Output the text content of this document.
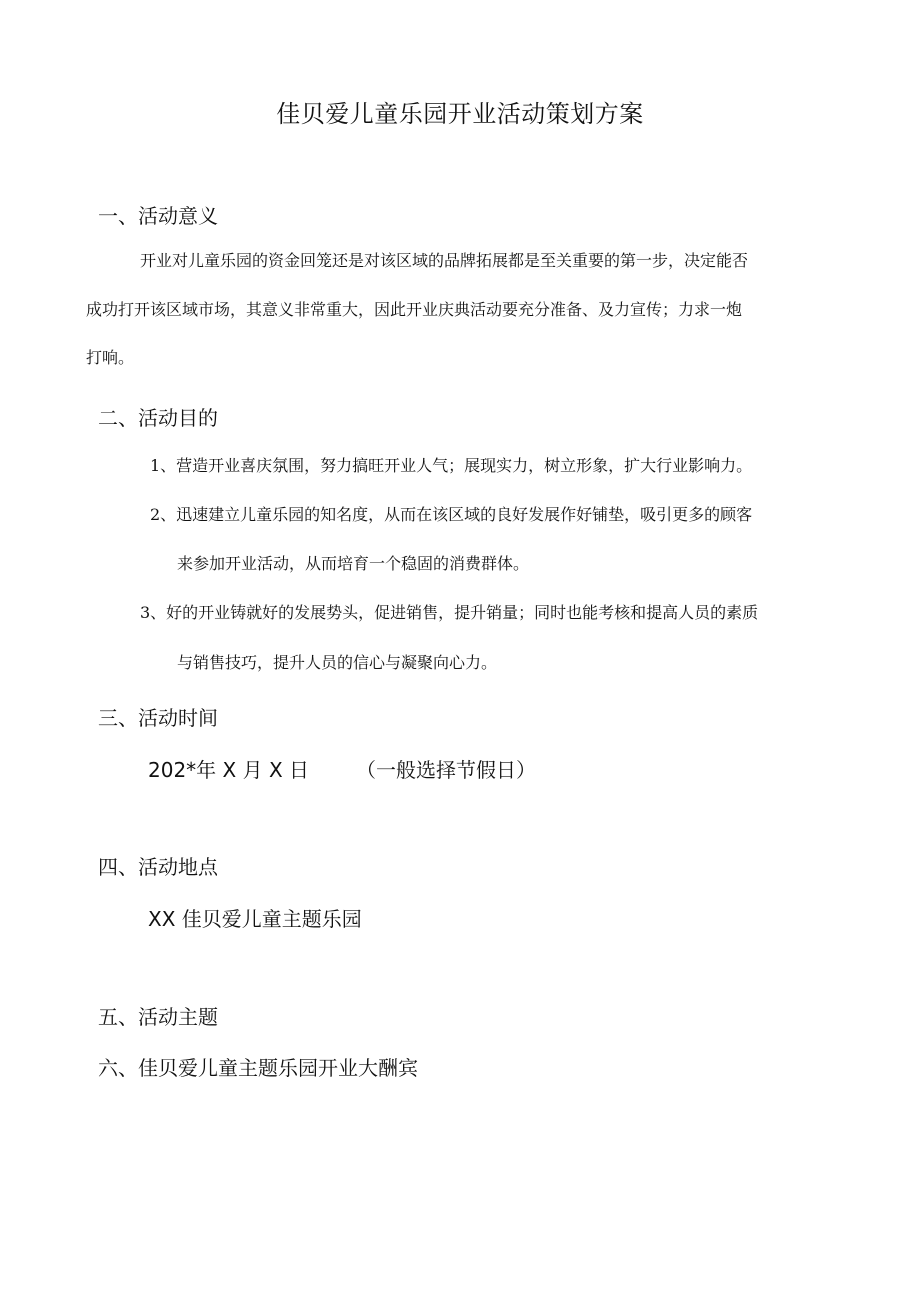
佳贝爱儿童乐园开业活动策划方案
一、活动意义
开业对儿童乐园的资金回笼还是对该区域的品牌拓展都是至关重要的第一步，决定能否
成功打开该区域市场，其意义非常重大，因此开业庆典活动要充分准备、及力宣传；力求一炮
打响。
二、活动目的
1、营造开业喜庆氛围，努力搞旺开业人气；展现实力，树立形象，扩大行业影响力。
2、迅速建立儿童乐园的知名度，从而在该区域的良好发展作好铺垫，吸引更多的顾客
来参加开业活动，从而培育一个稳固的消费群体。
3、好的开业铸就好的发展势头，促进销售，提升销量；同时也能考核和提高人员的素质
与销售技巧，提升人员的信心与凝聚向心力。
三、活动时间
202*年 X 月 X 日 （一般选择节假日）
四、活动地点
XX 佳贝爱儿童主题乐园
五、活动主题
六、佳贝爱儿童主题乐园开业大酬宾
